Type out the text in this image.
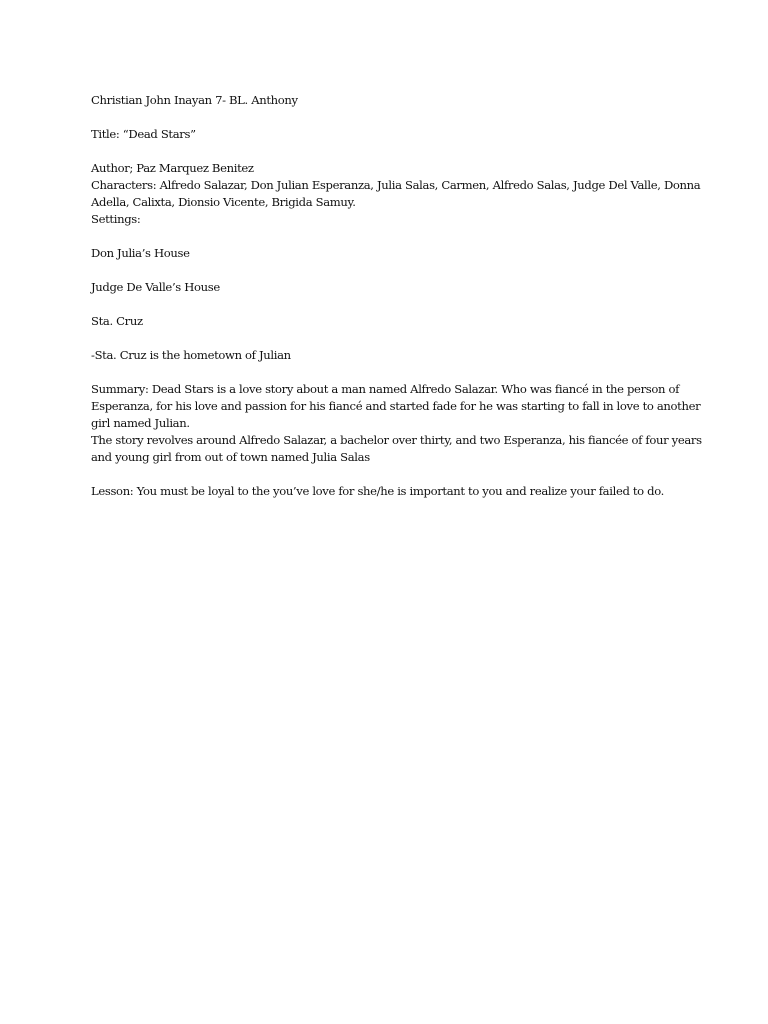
Christian John Inayan 7- BL. Anthony
Title: “Dead Stars”
Author; Paz Marquez Benitez
Characters: Alfredo Salazar, Don Julian Esperanza, Julia Salas, Carmen, Alfredo Salas, Judge Del Valle, Donna
Adella, Calixta, Dionsio Vicente, Brigida Samuy.
Settings:
Don Julia’s House
Judge De Valle’s House
Sta. Cruz
-Sta. Cruz is the hometown of Julian
Summary: Dead Stars is a love story about a man named Alfredo Salazar. Who was fiancé in the person of
Esperanza, for his love and passion for his fiancé and started fade for he was starting to fall in love to another
girl named Julian.
The story revolves around Alfredo Salazar, a bachelor over thirty, and two Esperanza, his fiancée of four years
and young girl from out of town named Julia Salas
Lesson: You must be loyal to the you’ve love for she/he is important to you and realize your failed to do.
